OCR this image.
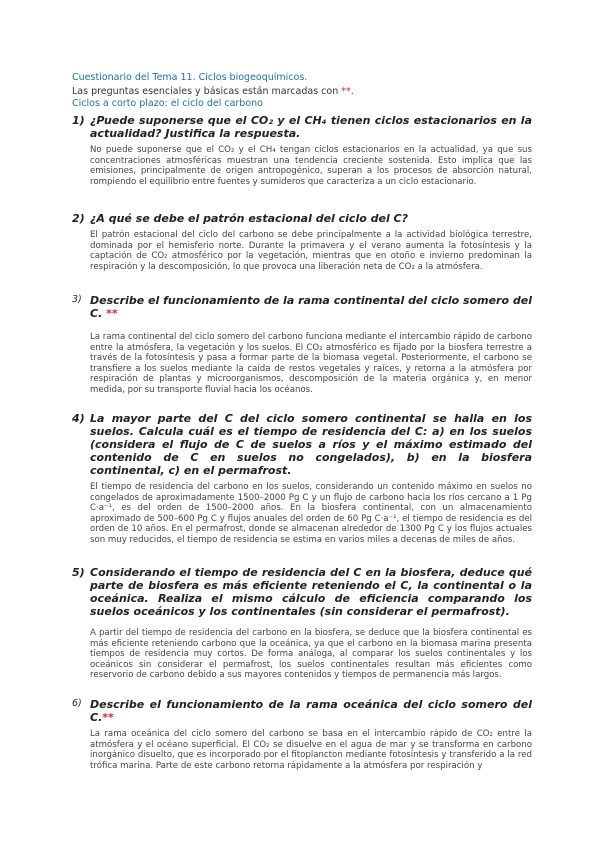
Cuestionario del Tema 11. Ciclos biogeoquímicos.
Las preguntas esenciales y básicas están marcadas con **.
Ciclos a corto plazo: el ciclo del carbono
1) ¿Puede suponerse que el CO₂ y el CH₄ tienen ciclos estacionarios en la actualidad? Justifica la respuesta.
No puede suponerse que el CO₂ y el CH₄ tengan ciclos estacionarios en la actualidad, ya que sus concentraciones atmosféricas muestran una tendencia creciente sostenida. Esto implica que las emisiones, principalmente de origen antropogénico, superan a los procesos de absorción natural, rompiendo el equilibrio entre fuentes y sumideros que caracteriza a un ciclo estacionario.
2) ¿A qué se debe el patrón estacional del ciclo del C?
El patrón estacional del ciclo del carbono se debe principalmente a la actividad biológica terrestre, dominada por el hemisferio norte. Durante la primavera y el verano aumenta la fotosíntesis y la captación de CO₂ atmosférico por la vegetación, mientras que en otoño e invierno predominan la respiración y la descomposición, lo que provoca una liberación neta de CO₂ a la atmósfera.
3) Describe el funcionamiento de la rama continental del ciclo somero del C. **
La rama continental del ciclo somero del carbono funciona mediante el intercambio rápido de carbono entre la atmósfera, la vegetación y los suelos. El CO₂ atmosférico es fijado por la biosfera terrestre a través de la fotosíntesis y pasa a formar parte de la biomasa vegetal. Posteriormente, el carbono se transfiere a los suelos mediante la caída de restos vegetales y raíces, y retorna a la atmósfera por respiración de plantas y microorganismos, descomposición de la materia orgánica y, en menor medida, por su transporte fluvial hacia los océanos.
4) La mayor parte del C del ciclo somero continental se halla en los suelos. Calcula cuál es el tiempo de residencia del C: a) en los suelos (considera el flujo de C de suelos a ríos y el máximo estimado del contenido de C en suelos no congelados), b) en la biosfera continental, c) en el permafrost.
El tiempo de residencia del carbono en los suelos, considerando un contenido máximo en suelos no congelados de aproximadamente 1500–2000 Pg C y un flujo de carbono hacia los ríos cercano a 1 Pg C·a⁻¹, es del orden de 1500–2000 años. En la biosfera continental, con un almacenamiento aproximado de 500–600 Pg C y flujos anuales del orden de 60 Pg C·a⁻¹, el tiempo de residencia es del orden de 10 años. En el permafrost, donde se almacenan alrededor de 1300 Pg C y los flujos actuales son muy reducidos, el tiempo de residencia se estima en varios miles a decenas de miles de años.
5) Considerando el tiempo de residencia del C en la biosfera, deduce qué parte de biosfera es más eficiente reteniendo el C, la continental o la oceánica. Realiza el mismo cálculo de eficiencia comparando los suelos oceánicos y los continentales (sin considerar el permafrost).
A partir del tiempo de residencia del carbono en la biosfera, se deduce que la biosfera continental es más eficiente reteniendo carbono que la oceánica, ya que el carbono en la biomasa marina presenta tiempos de residencia muy cortos. De forma análoga, al comparar los suelos continentales y los oceánicos sin considerar el permafrost, los suelos continentales resultan más eficientes como reservorio de carbono debido a sus mayores contenidos y tiempos de permanencia más largos.
6) Describe el funcionamiento de la rama oceánica del ciclo somero del C.**
La rama oceánica del ciclo somero del carbono se basa en el intercambio rápido de CO₂ entre la atmósfera y el océano superficial. El CO₂ se disuelve en el agua de mar y se transforma en carbono inorgánico disuelto, que es incorporado por el fitoplancton mediante fotosíntesis y transferido a la red trófica marina. Parte de este carbono retorna rápidamente a la atmósfera por respiración y
